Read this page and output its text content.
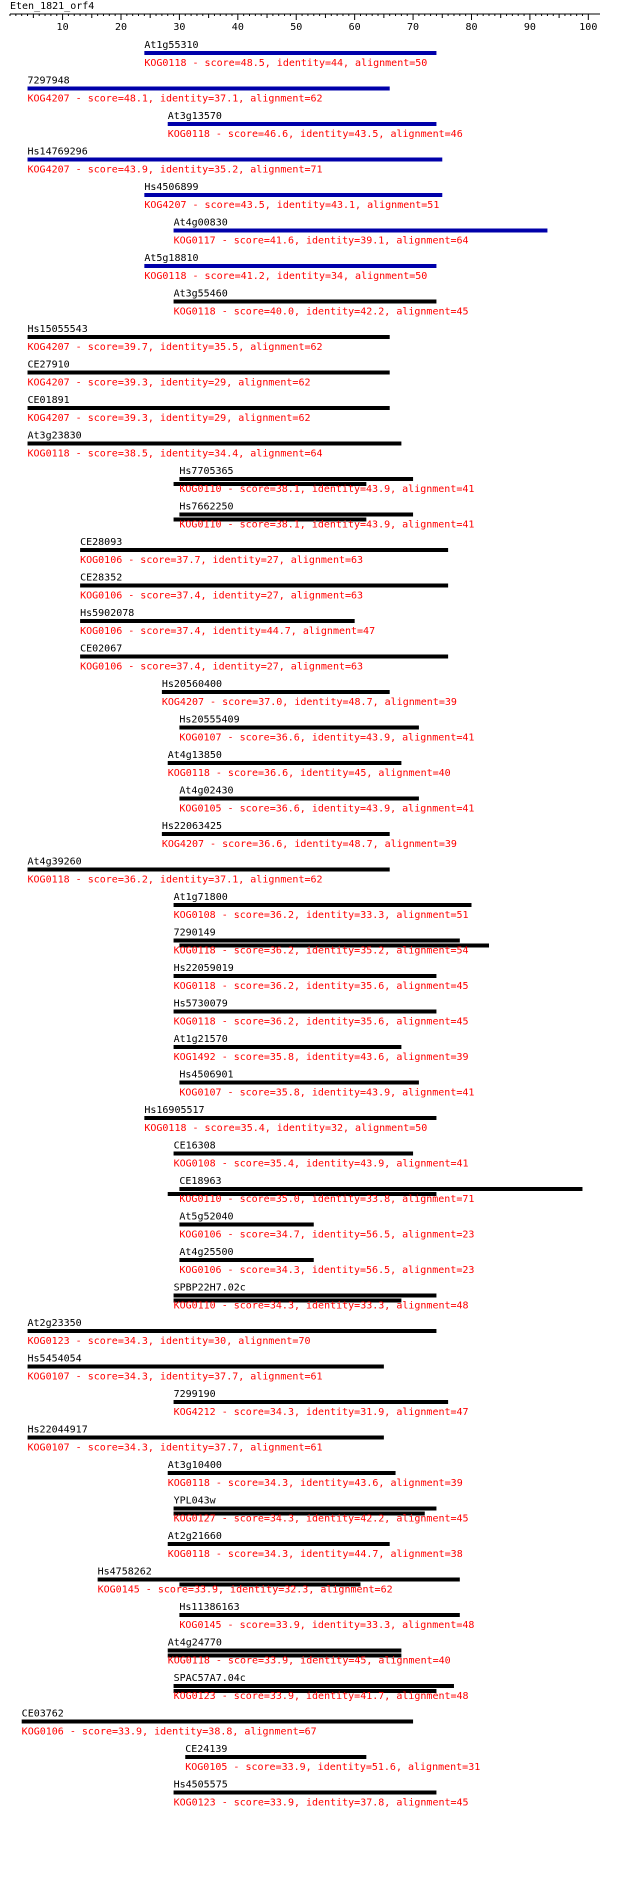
Eten_1821_orf4
10	20	30	40	50	60	70	80	90	100
At1g55310
KOG0118 - score=48.5, identity=44, alignment=50
7297948
KOG4207 - score=48.1, identity=37.1, alignment=62
At3g13570
KOG0118 - score=46.6, identity=43.5, alignment=46
Hs14769296
KOG4207 - score=43.9, identity=35.2, alignment=71
Hs4506899
KOG4207 - score=43.5, identity=43.1, alignment=51
At4g00830
KOG0117 - score=41.6, identity=39.1, alignment=64
At5g18810
KOG0118 - score=41.2, identity=34, alignment=50
At3g55460
KOG0118 - score=40.0, identity=42.2, alignment=45
Hs15055543
KOG4207 - score=39.7, identity=35.5, alignment=62
CE27910
KOG4207 - score=39.3, identity=29, alignment=62
CE01891
KOG4207 - score=39.3, identity=29, alignment=62
At3g23830
KOG0118 - score=38.5, identity=34.4, alignment=64
Hs7705365
KOG0110 - score=38.1, identity=43.9, alignment=41
Hs7662250
KOG0110 - score=38.1, identity=43.9, alignment=41
CE28093
KOG0106 - score=37.7, identity=27, alignment=63
CE28352
KOG0106 - score=37.4, identity=27, alignment=63
Hs5902078
KOG0106 - score=37.4, identity=44.7, alignment=47
CE02067
KOG0106 - score=37.4, identity=27, alignment=63
Hs20560400
KOG4207 - score=37.0, identity=48.7, alignment=39
Hs20555409
KOG0107 - score=36.6, identity=43.9, alignment=41
At4g13850
KOG0118 - score=36.6, identity=45, alignment=40
At4g02430
KOG0105 - score=36.6, identity=43.9, alignment=41
Hs22063425
KOG4207 - score=36.6, identity=48.7, alignment=39
At4g39260
KOG0118 - score=36.2, identity=37.1, alignment=62
At1g71800
KOG0108 - score=36.2, identity=33.3, alignment=51
7290149
KOG0118 - score=36.2, identity=35.2, alignment=54
Hs22059019
KOG0118 - score=36.2, identity=35.6, alignment=45
Hs5730079
KOG0118 - score=36.2, identity=35.6, alignment=45
At1g21570
KOG1492 - score=35.8, identity=43.6, alignment=39
Hs4506901
KOG0107 - score=35.8, identity=43.9, alignment=41
Hs16905517
KOG0118 - score=35.4, identity=32, alignment=50
CE16308
KOG0108 - score=35.4, identity=43.9, alignment=41
CE18963
KOG0110 - score=35.0, identity=33.8, alignment=71
At5g52040
KOG0106 - score=34.7, identity=56.5, alignment=23
At4g25500
KOG0106 - score=34.3, identity=56.5, alignment=23
SPBP22H7.02c
KOG0110 - score=34.3, identity=33.3, alignment=48
At2g23350
KOG0123 - score=34.3, identity=30, alignment=70
Hs5454054
KOG0107 - score=34.3, identity=37.7, alignment=61
7299190
KOG4212 - score=34.3, identity=31.9, alignment=47
Hs22044917
KOG0107 - score=34.3, identity=37.7, alignment=61
At3g10400
KOG0118 - score=34.3, identity=43.6, alignment=39
YPL043w
KOG0127 - score=34.3, identity=42.2, alignment=45
At2g21660
KOG0118 - score=34.3, identity=44.7, alignment=38
Hs4758262
KOG0145 - score=33.9, identity=32.3, alignment=62
Hs11386163
KOG0145 - score=33.9, identity=33.3, alignment=48
At4g24770
KOG0118 - score=33.9, identity=45, alignment=40
SPAC57A7.04c
KOG0123 - score=33.9, identity=41.7, alignment=48
CE03762
KOG0106 - score=33.9, identity=38.8, alignment=67
CE24139
KOG0105 - score=33.9, identity=51.6, alignment=31
Hs4505575
KOG0123 - score=33.9, identity=37.8, alignment=45
